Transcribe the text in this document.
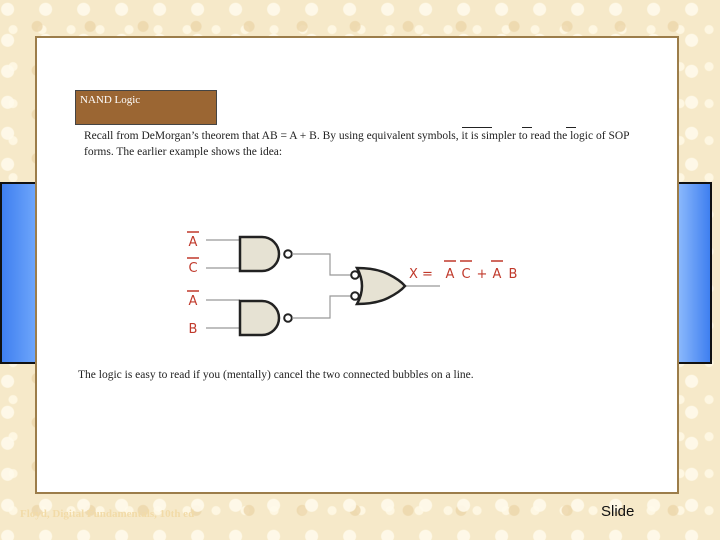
NAND Logic
Recall from DeMorgan’s theorem that AB = A + B. By using equivalent symbols, it is simpler to read the logic of SOP forms. The earlier example shows the idea:
A
C
A
B
X = A C + A B
The logic is easy to read if you (mentally) cancel the two connected bubbles on a line.
Floyd, Digital Fundamentals, 10th ed	Slide
